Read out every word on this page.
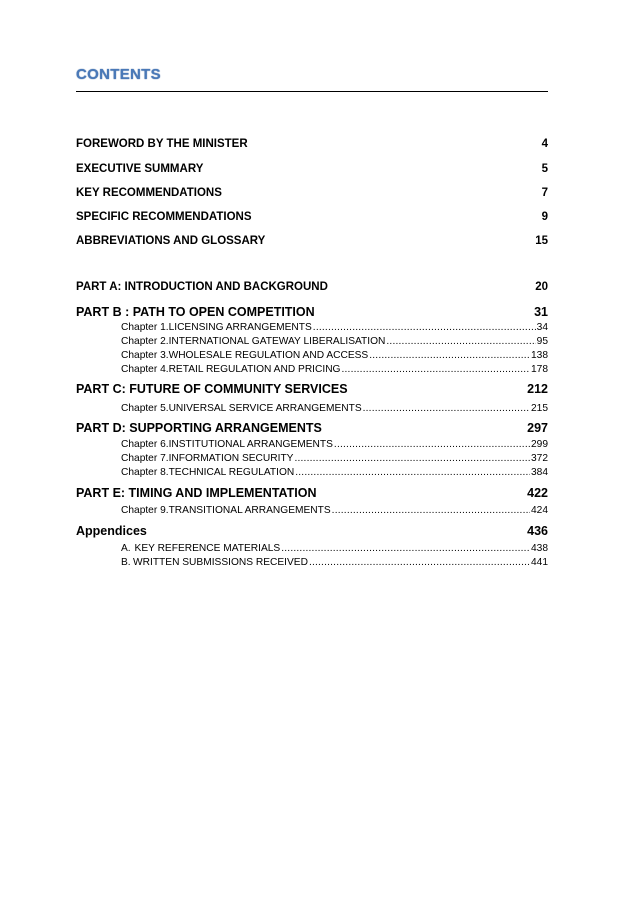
CONTENTS
FOREWORD BY THE MINISTER	4
EXECUTIVE SUMMARY	5
KEY RECOMMENDATIONS	7
SPECIFIC RECOMMENDATIONS	9
ABBREVIATIONS AND GLOSSARY	15
PART A: INTRODUCTION AND BACKGROUND	20
PART B : PATH TO OPEN COMPETITION	31
Chapter 1. LICENSING ARRANGEMENTS .....	34
Chapter 2. INTERNATIONAL GATEWAY LIBERALISATION .....	95
Chapter 3. WHOLESALE REGULATION AND ACCESS .....	138
Chapter 4. RETAIL REGULATION AND PRICING .....	178
PART C: FUTURE OF COMMUNITY SERVICES	212
Chapter 5. UNIVERSAL SERVICE ARRANGEMENTS .....	215
PART D: SUPPORTING ARRANGEMENTS	297
Chapter 6. INSTITUTIONAL ARRANGEMENTS .....	299
Chapter 7. INFORMATION SECURITY .....	372
Chapter 8. TECHNICAL REGULATION .....	384
PART E: TIMING AND IMPLEMENTATION	422
Chapter 9. TRANSITIONAL ARRANGEMENTS .....	424
Appendices	436
A. KEY REFERENCE MATERIALS .....	438
B. WRITTEN SUBMISSIONS RECEIVED .....	441
